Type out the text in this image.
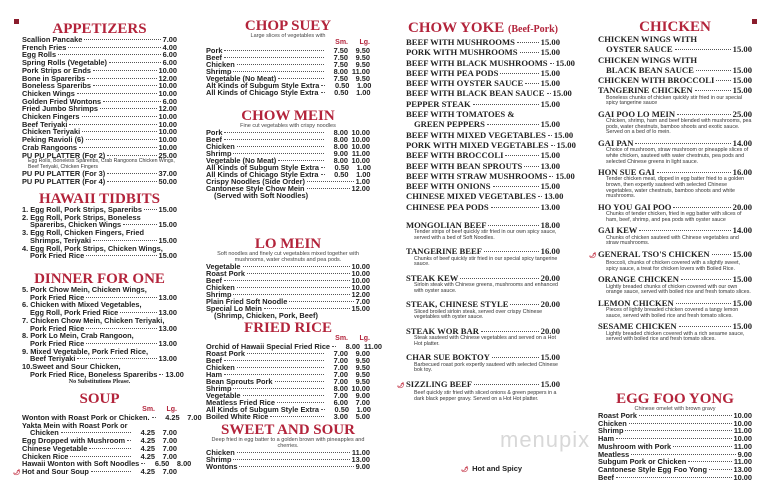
APPETIZERS
Scallion Pancake	7.00
French Fries	4.00
Egg Rolls	6.00
Spring Rolls (Vegetable)	6.00
Pork Strips or Ends	10.00
Bone in Spareribs	12.00
Boneless Spareribs	10.00
Chicken Wings	10.00
Golden Fried Wontons	6.00
Fried Jumbo Shrimps	12.00
Chicken Fingers	10.00
Beef Teriyaki	10.00
Chicken Teriyaki	10.00
Peking Ravioli (6)	10.00
Crab Rangoons	10.00
PU PU PLATTER (For 2)	25.00
Egg Rolls, Boneless Spareribs, Crab Rangoons Chicken Wings, Beef Teriyaki, Chicken Fingers
PU PU PLATTER (For 3)	37.00
PU PU PLATTER (For 4)	50.00
HAWAII TIDBITS
1. Egg Roll, Pork Strips, Spareribs 15.00
2. Egg Roll, Pork Strips, Boneless
Spareribs, Chicken Wings	15.00
3. Egg Roll, Chicken Fingers, Fried
Shrimps, Teriyaki	15.00
4. Egg Roll, Pork Strips, Chicken Wings,
Pork Fried Rice	15.00
DINNER FOR ONE
5. Pork Chow Mein, Chicken Wings,
Pork Fried Rice	13.00
6. Chicken with Mixed Vegetables,
Egg Roll, Pork Fried Rice	13.00
7. Chicken Chow Mein, Chicken Teriyaki,
Pork Fried Rice	13.00
8. Pork Lo Mein, Crab Rangoon,
Pork Fried Rice	13.00
9. Mixed Vegetable, Pork Fried Rice,
Beef Teriyaki	13.00
10.Sweet and Sour Chicken,
Pork Fried Rice, Boneless Spareribs 13.00
No Substitutions Please.
SOUP
Sm.	Lg.
Wonton with Roast Pork or Chicken.	4.25	7.00
Yakta Mein with Roast Pork or
Chicken	4.25	7.00
Egg Dropped with Mushroom	4.25	7.00
Chinese Vegetable	4.25	7.00
Chicken Rice	4.25	7.00
Hawaii Wonton with Soft Noodles	6.50	8.00
🌶 Hot and Sour Soup	4.25	7.00
CHOP SUEY
Large slices of vegetables with
Sm.	Lg.
Pork	7.50	9.50
Beef	7.50	9.50
Chicken	7.50	9.50
Shrimp	8.00 11.00
Vegetable (No Meat)	7.50	9.50
Alt Kinds of Subgum Style Extra	0.50	1.00
All Kinds of Chicago Style Extra	0.50	1.00
CHOW MEIN
Fine cut vegetables with crispy noodles
Pork	8.00 10.00
Beef	8.00 10.00
Chicken	8.00 10.00
Shrimp	9.00 11.00
Vegetable (No Meat)	8.00 10.00
All Kinds of Subgum Style Extra	0.50	1.00
All Kinds of Chicago Style Extra	0.50	1.00
Crispy Noodles (Side Order)	1.00
Cantonese Style Chow Mein	12.00
(Served with Soft Noodles)
LO MEIN
Soft noodles and finely cut vegetables mixed together with mushrooms, water chestnuts and pea pods.
Vegetable	10.00
Roast Pork	10.00
Beef	10.00
Chicken	10.00
Shrimp	12.00
Plain Fried Soft Noodle	7.00
Special Lo Mein	15.00
(Shrimp, Chicken, Pork, Beef)
FRIED RICE
Sm.	Lg.
Orchid of Hawaii Special Fried Rice	8.00 11.00
Roast Pork	7.00	9.00
Beef	7.00	9.50
Chicken	7.00	9.50
Ham	7.00	9.50
Bean Sprouts Pork	7.00	9.50
Shrimp	8.00 10.00
Vegetable	7.00	9.00
Meatless Fried Rice	6.00	7.00
All Kinds of Subgum Style Extra	0.50	1.00
Boiled White Rice	3.00	5.00
SWEET AND SOUR
Deep fried in egg batter to a golden brown with pineapples and cherries.
Chicken	11.00
Shrimp	13.00
Wontons	9.00
CHOW YOKE (Beef-Pork)
BEEF WITH MUSHROOMS	15.00
PORK WITH MUSHROOMS	15.00
BEEF WITH BLACK MUSHROOMS 15.00
BEEF WITH PEA PODS	15.00
BEEF WITH OYSTER SAUCE 15.00
BEEF WITH BLACK BEAN SAUCE 15.00
PEPPER STEAK	15.00
BEEF WITH TOMATOES &
GREEN PEPPERS	15.00
BEEF WITH MIXED VEGETABLES 15.00
PORK WITH MIXED VEGETABLES 15.00
BEEF WITH BROCCOLI	15.00
BEEF WITH BEAN SPROUTS 13.00
BEEF WITH STRAW MUSHROOMS 15.00
BEEF WITH ONIONS	15.00
CHINESE MIXED VEGETABLES 13.00
CHINESE PEA PODS	13.00
MONGOLIAN BEEF	18.00
Tender strips of beef quickly stir fried in our own spicy sauce, served with a bed of Soft Noodles.
TANGERINE BEEF	16.00
Chunks of beef quickly stir fried in our special spicy tangerine sauce.
STEAK KEW	20.00
Sirloin steak with Chinese greens, mushrooms and enhanced with oyster sauce.
STEAK, CHINESE STYLE	20.00
Sliced broiled sirloin steak, served over crispy Chinese vegetables with oyster sauce.
STEAK WOR BAR	20.00
Steak sauteed with Chinese vegetables and served on a Hot Hot platter.
CHAR SUE BOKTOY	15.00
Barbecued roast pork expertly sauteed with selected Chinese bok toy.
🌶 SIZZLING BEEF	15.00
Beef quickly stir fried with sliced onions & green peppers in a dark black pepper gravy. Served on a Hot Hot platter.
CHICKEN
CHICKEN WINGS WITH
OYSTER SAUCE	15.00
CHICKEN WINGS WITH
BLACK BEAN SAUCE	15.00
CHICKEN WITH BROCCOLI 15.00
TANGERINE CHICKEN	15.00
Boneless chunks of chicken quickly stir fried in our special spicy tangerine sauce
GAI POO LO MEIN	25.00
Chicken, shrimp, ham and beef blended with mushrooms, pea pods, water chestnuts, bamboo shoots and exotic sauce. Served on a bed of lo mein.
GAI PAN	14.00
Choice of mushroom, straw mushroom or pineapple slices of white chicken, sauteed with water chestnuts, pea pods and selected Chinese greens in light sauce.
HON SUE GAI	16.00
Tender chicken meat, dipped in egg batter fried to a golden brown, then expertly sauteed with selected Chinese vegetables, water chestnuts, bamboo shoots and white mushrooms.
HO YOU GAI POO	20.00
Chunks of tender chicken, fried in egg batter with slices of ham, beef, shrimp, and pea pods with oyster sauce
GAI KEW	14.00
Chunks of chicken sauteed with Chinese vegetables and straw mushrooms.
🌶 GENERAL TSO'S CHICKEN	15.00
Broccoli, chunks of chicken covered with a slightly sweet, spicy sauce, a treat for chicken lovers with Boiled Rice.
ORANGE CHICKEN	15.00
Lightly breaded chunks of chicken covered with our own orange sauce, served with boiled rice and fresh tomato slices.
LEMON CHICKEN	15.00
Pieces of lightly breaded chicken covered a tangy lemon sauce, served with boiled rice and fresh tomato slices.
SESAME CHICKEN	15.00
Lightly breaded chicken covered with a rich sesame sauce, served with boiled rice and fresh tomato slices.
EGG FOO YONG
Chinese omelet with brown gravy
Roast Pork	10.00
Chicken	10.00
Shrimp	11.00
Ham	10.00
Mushroom with Pork	11.00
Meatless	9.00
Subgum Pork or Chicken	11.00
Cantonese Style Egg Foo Yong	13.00
Beef	10.00
menupix
🌶 Hot and Spicy
